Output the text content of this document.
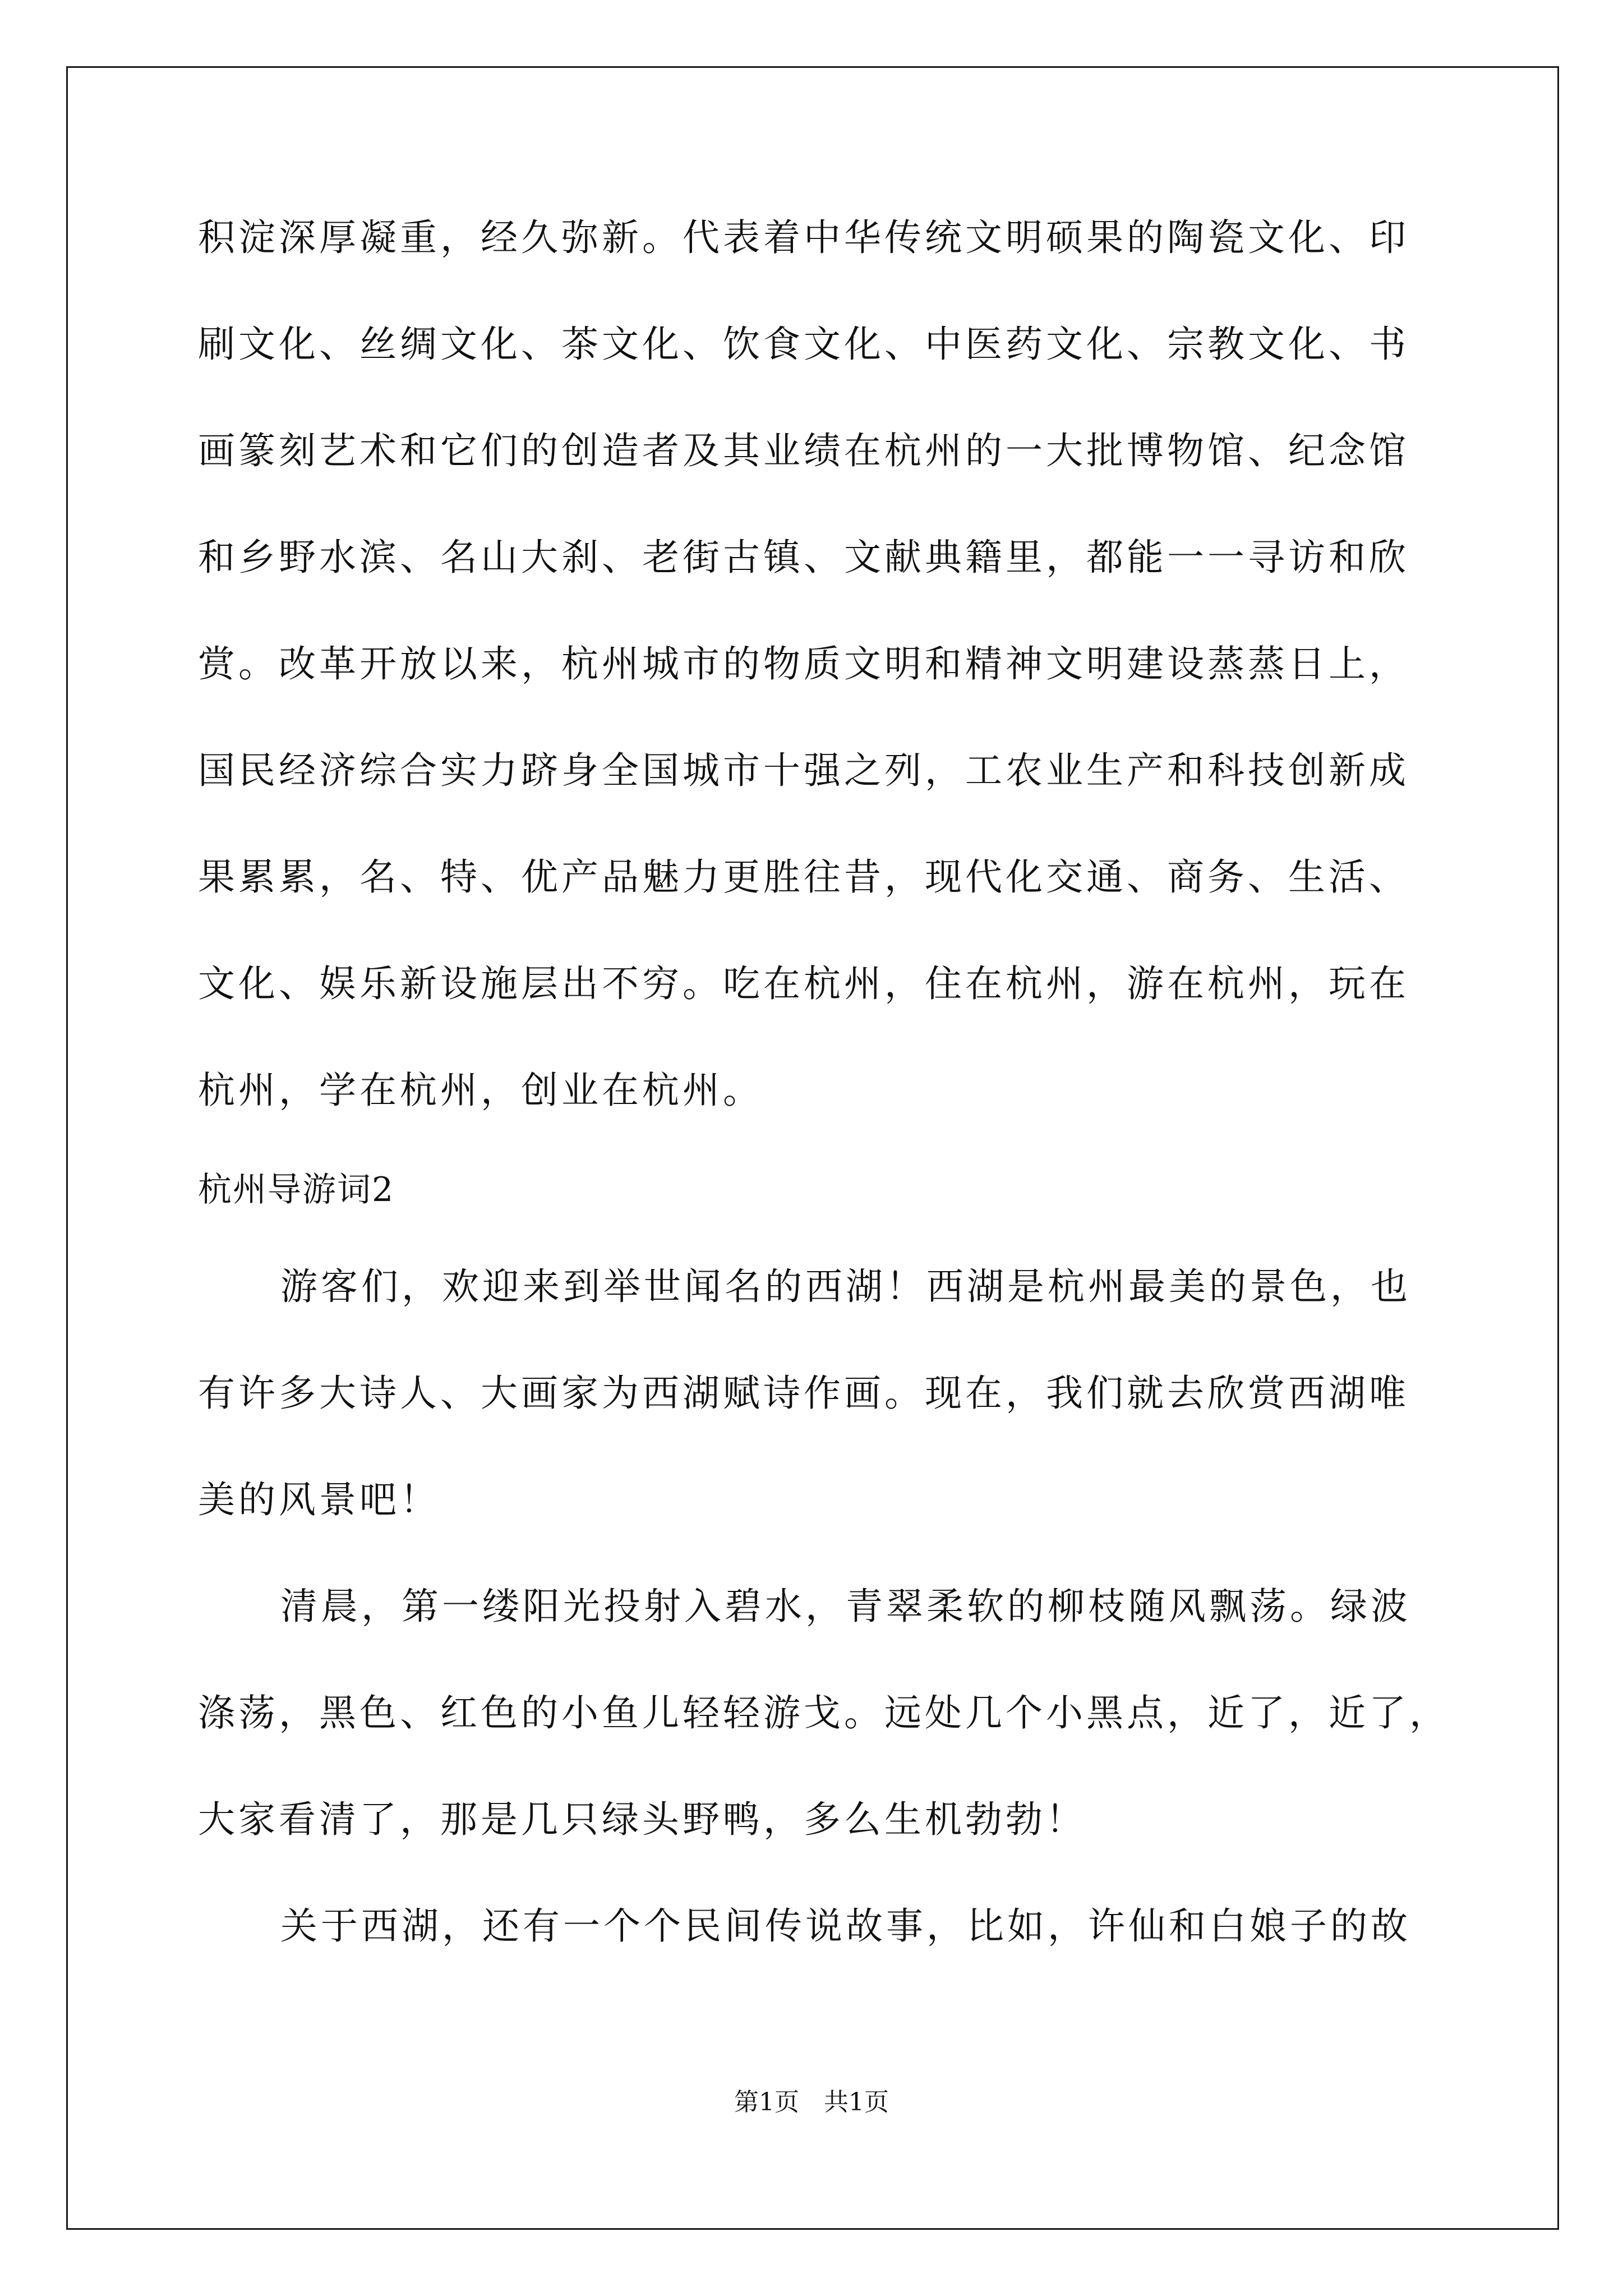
积淀深厚凝重，经久弥新。代表着中华传统文明硕果的陶瓷文化、印
刷文化、丝绸文化、茶文化、饮食文化、中医药文化、宗教文化、书
画篆刻艺术和它们的创造者及其业绩在杭州的一大批博物馆、纪念馆
和乡野水滨、名山大刹、老街古镇、文献典籍里，都能一一寻访和欣
赏。改革开放以来，杭州城市的物质文明和精神文明建设蒸蒸日上，
国民经济综合实力跻身全国城市十强之列，工农业生产和科技创新成
果累累，名、特、优产品魅力更胜往昔，现代化交通、商务、生活、
文化、娱乐新设施层出不穷。吃在杭州，住在杭州，游在杭州，玩在
杭州，学在杭州，创业在杭州。
杭州导游词2
游客们，欢迎来到举世闻名的西湖！西湖是杭州最美的景色，也
有许多大诗人、大画家为西湖赋诗作画。现在，我们就去欣赏西湖唯
美的风景吧！
清晨，第一缕阳光投射入碧水，青翠柔软的柳枝随风飘荡。绿波
涤荡，黑色、红色的小鱼儿轻轻游戈。远处几个小黑点，近了，近了，
大家看清了，那是几只绿头野鸭，多么生机勃勃！
关于西湖，还有一个个民间传说故事，比如，许仙和白娘子的故
第1页 共1页
